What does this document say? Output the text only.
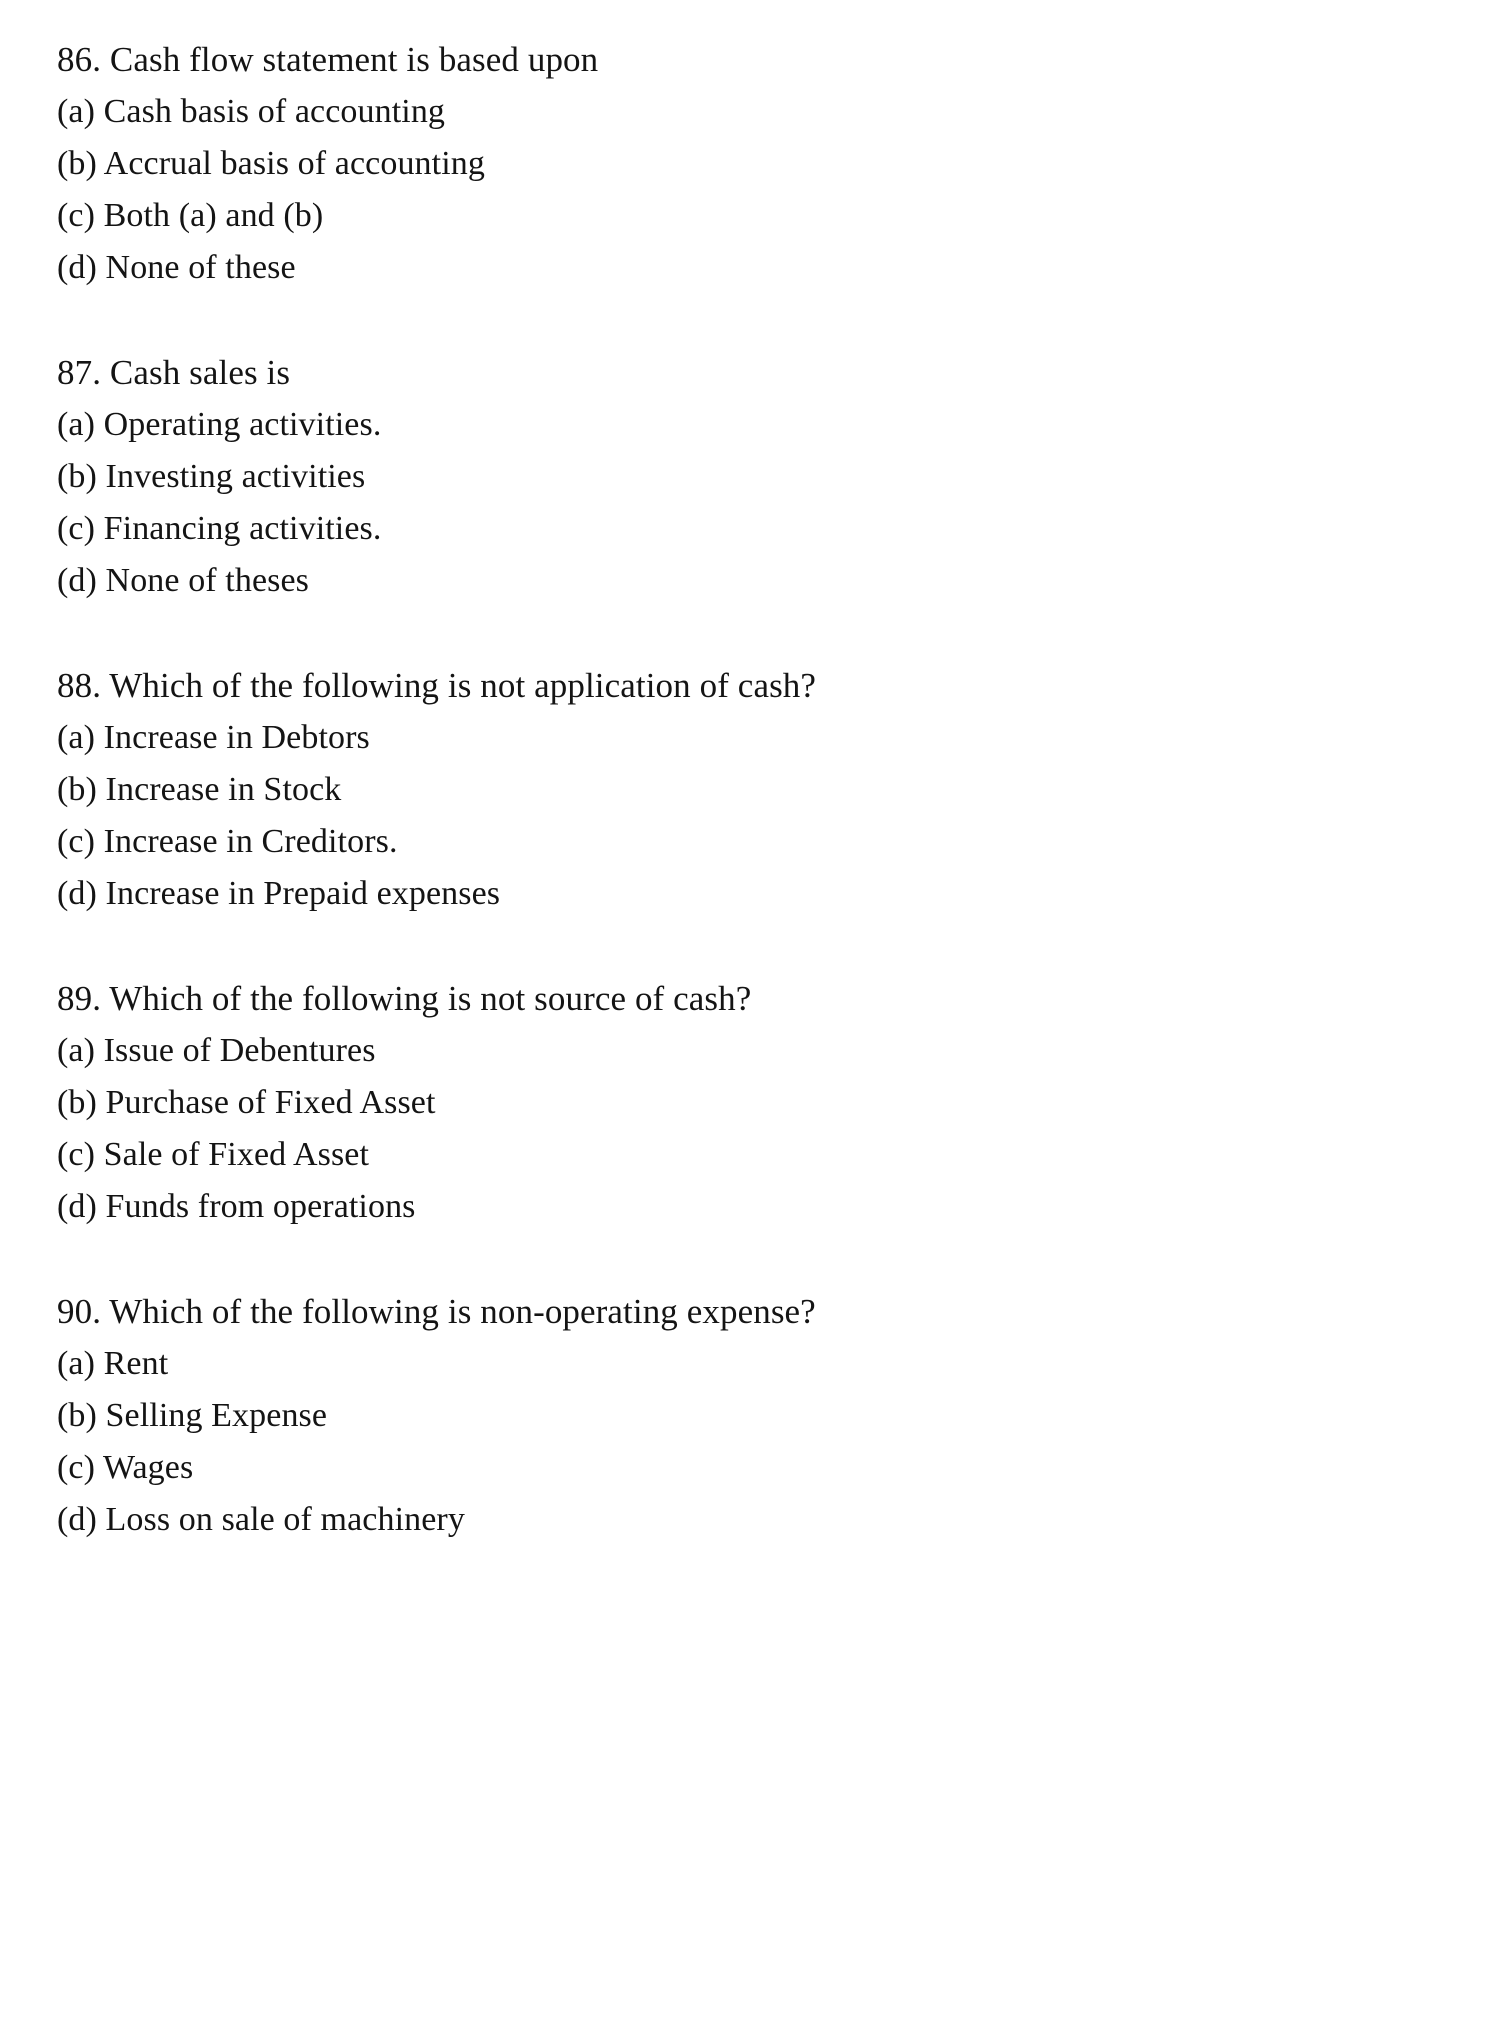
86. Cash flow statement is based upon
(a) Cash basis of accounting
(b) Accrual basis of accounting
(c) Both (a) and (b)
(d) None of these
87. Cash sales is
(a) Operating activities.
(b) Investing activities
(c) Financing activities.
(d) None of theses
88. Which of the following is not application of cash?
(a) Increase in Debtors
(b) Increase in Stock
(c) Increase in Creditors.
(d) Increase in Prepaid expenses
89. Which of the following is not source of cash?
(a) Issue of Debentures
(b) Purchase of Fixed Asset
(c) Sale of Fixed Asset
(d) Funds from operations
90. Which of the following is non-operating expense?
(a) Rent
(b) Selling Expense
(c) Wages
(d) Loss on sale of machinery
